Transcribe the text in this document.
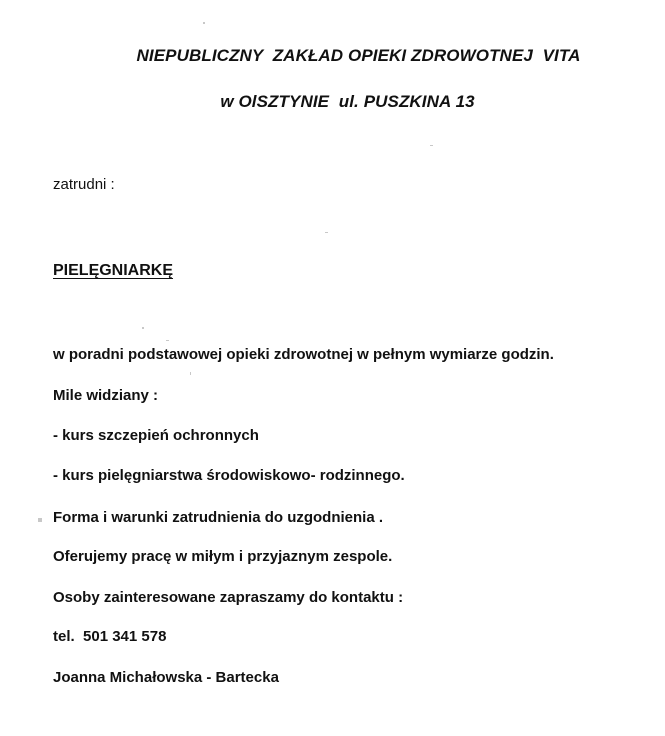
NIEPUBLICZNY  ZAKŁAD OPIEKI ZDROWOTNEJ  VITA
w OlSZTYNIE  ul. PUSZKINA 13
zatrudni :
PIELĘGNIARKĘ
w poradni podstawowej opieki zdrowotnej w pełnym wymiarze godzin.
Mile widziany :
- kurs szczepień ochronnych
- kurs pielęgniarstwa środowiskowo- rodzinnego.
Forma i warunki zatrudnienia do uzgodnienia .
Oferujemy pracę w miłym i przyjaznym zespole.
Osoby zainteresowane zapraszamy do kontaktu :
tel.  501 341 578
Joanna Michałowska - Bartecka
